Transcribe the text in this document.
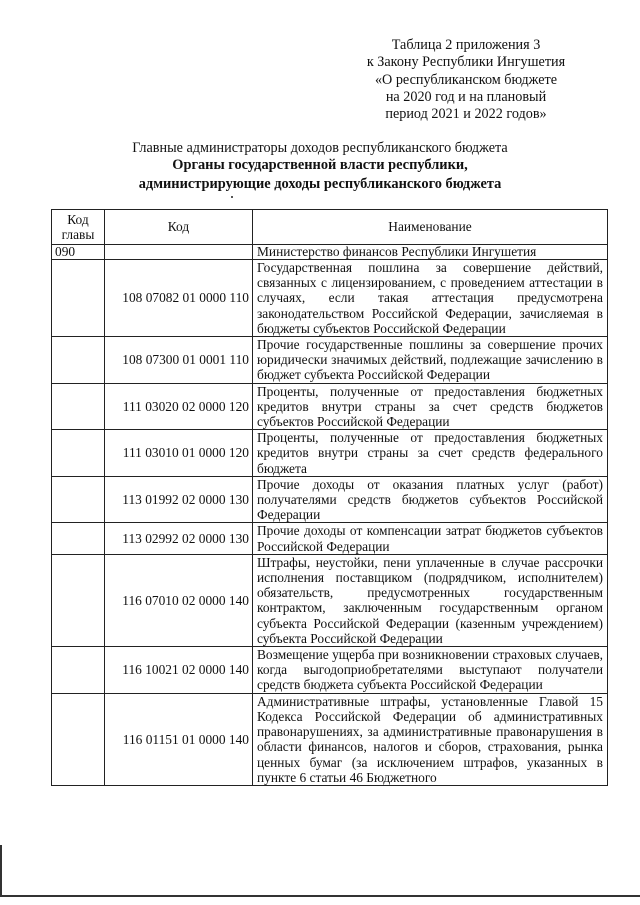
Таблица 2 приложения 3
к Закону Республики Ингушетия
«О республиканском бюджете
на 2020 год и на плановый
период 2021 и 2022 годов»
Главные администраторы доходов республиканского бюджета
Органы государственной власти республики,
администрирующие доходы республиканского бюджета
Код главы	Код	Наименование
090		Министерство финансов Республики Ингушетия
	108 07082 01 0000 110	Государственная пошлина за совершение действий, связанных с лицензированием, с проведением аттестации в случаях, если такая аттестация предусмотрена законодательством Российской Федерации, зачисляемая в бюджеты субъектов Российской Федерации
	108 07300 01 0001 110	Прочие государственные пошлины за совершение прочих юридически значимых действий, подлежащие зачислению в бюджет субъекта Российской Федерации
	111 03020 02 0000 120	Проценты, полученные от предоставления бюджетных кредитов внутри страны за счет средств бюджетов субъектов Российской Федерации
	111 03010 01 0000 120	Проценты, полученные от предоставления бюджетных кредитов внутри страны за счет средств федерального бюджета
	113 01992 02 0000 130	Прочие доходы от оказания платных услуг (работ) получателями средств бюджетов субъектов Российской Федерации
	113 02992 02 0000 130	Прочие доходы от компенсации затрат бюджетов субъектов Российской Федерации
	116 07010 02 0000 140	Штрафы, неустойки, пени уплаченные в случае рассрочки исполнения поставщиком (подрядчиком, исполнителем) обязательств, предусмотренных государственным контрактом, заключенным государственным органом субъекта Российской Федерации (казенным учреждением) субъекта Российской Федерации
	116 10021 02 0000 140	Возмещение ущерба при возникновении страховых случаев, когда выгодоприобретателями выступают получатели средств бюджета субъекта Российской Федерации
	116 01151 01 0000 140	Административные штрафы, установленные Главой 15 Кодекса Российской Федерации об административных правонарушениях, за административные правонарушения в области финансов, налогов и сборов, страхования, рынка ценных бумаг (за исключением штрафов, указанных в пункте 6 статьи 46 Бюджетного
